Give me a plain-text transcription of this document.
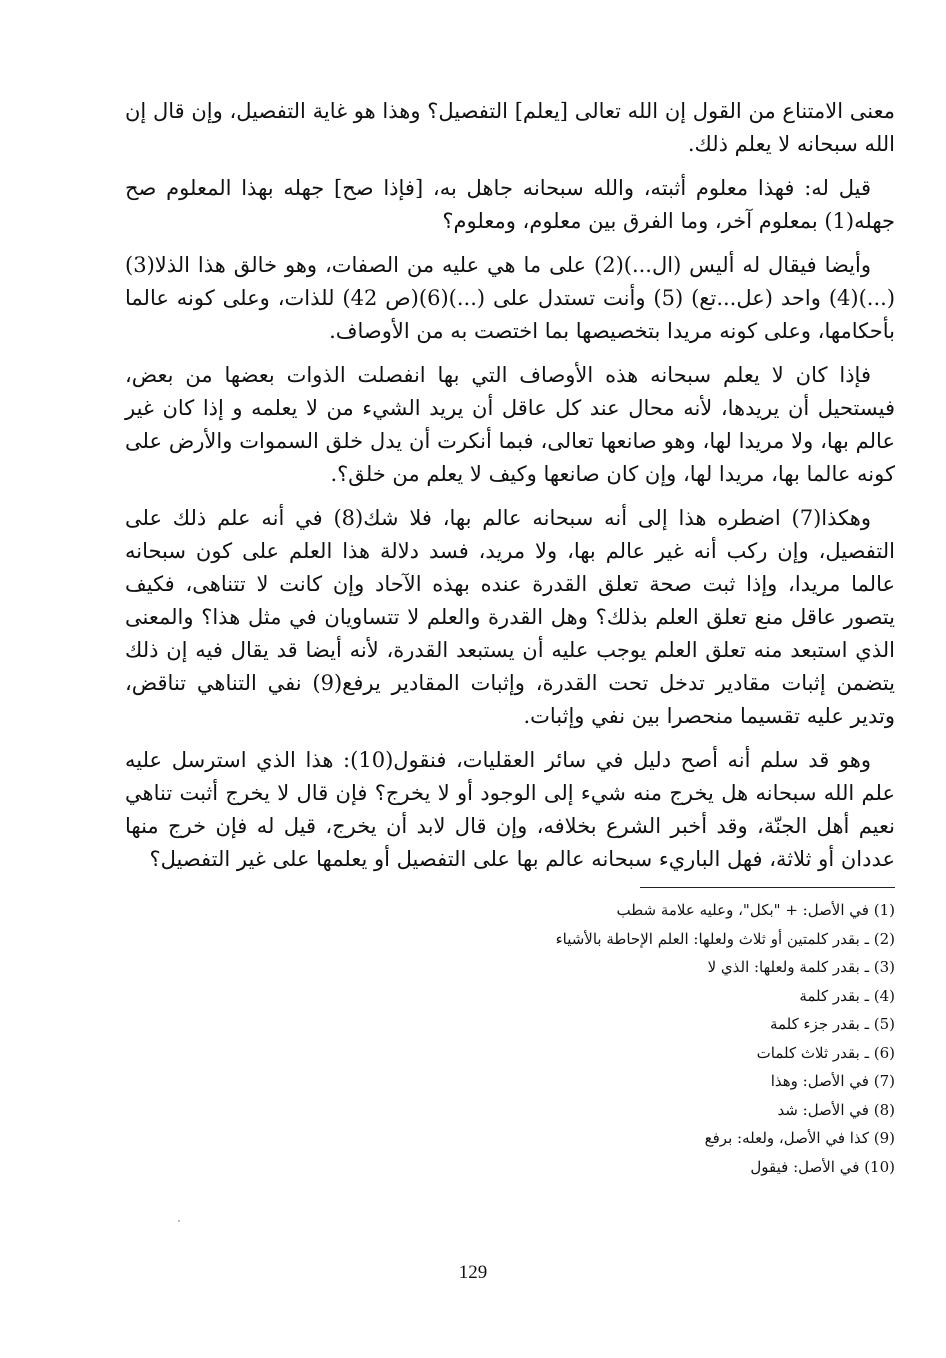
معنى الامتناع من القول إن الله تعالى [يعلم] التفصيل؟ وهذا هو غاية التفصيل، وإن قال إن الله سبحانه لا يعلم ذلك.

قيل له: فهذا معلوم أثبته، والله سبحانه جاهل به، [فإذا صح] جهله بهذا المعلوم صح جهله(1) بمعلوم آخر، وما الفرق بين معلوم، ومعلوم؟

وأيضا فيقال له أليس (ال...)(2) على ما هي عليه من الصفات، وهو خالق هذا الذلا(3) (...)(4) واحد (عل...تع) (5) وأنت تستدل على (...)(6)(ص 42) للذات، وعلى كونه عالما بأحكامها، وعلى كونه مريدا بتخصيصها بما اختصت به من الأوصاف.

فإذا كان لا يعلم سبحانه هذه الأوصاف التي بها انفصلت الذوات بعضها من بعض، فيستحيل أن يريدها، لأنه محال عند كل عاقل أن يريد الشيء من لا يعلمه و إذا كان غير عالم بها، ولا مريدا لها، وهو صانعها تعالى، فبما أنكرت أن يدل خلق السموات والأرض على كونه عالما بها، مريدا لها، وإن كان صانعها وكيف لا يعلم من خلق؟.

وهكذا(7) اضطره هذا إلى أنه سبحانه عالم بها، فلا شك(8) في أنه علم ذلك على التفصيل، وإن ركب أنه غير عالم بها، ولا مريد، فسد دلالة هذا العلم على كون سبحانه عالما مريدا، وإذا ثبت صحة تعلق القدرة عنده بهذه الآحاد وإن كانت لا تتناهى، فكيف يتصور عاقل منع تعلق العلم بذلك؟ وهل القدرة والعلم لا تتساويان في مثل هذا؟ والمعنى الذي استبعد منه تعلق العلم يوجب عليه أن يستبعد القدرة، لأنه أيضا قد يقال فيه إن ذلك يتضمن إثبات مقادير تدخل تحت القدرة، وإثبات المقادير يرفع(9) نفي التناهي تناقض، وتدير عليه تقسيما منحصرا بين نفي وإثبات.

وهو قد سلم أنه أصح دليل في سائر العقليات، فنقول(10): هذا الذي استرسل عليه علم الله سبحانه هل يخرج منه شيء إلى الوجود أو لا يخرج؟ فإن قال لا يخرج أثبت تناهي نعيم أهل الجنّة، وقد أخبر الشرع بخلافه، وإن قال لابد أن يخرج، قيل له فإن خرج منها عددان أو ثلاثة، فهل الباريء سبحانه عالم بها على التفصيل أو يعلمها على غير التفصيل؟

(1) في الأصل: + "بكل"، وعليه علامة شطب
(2) ـ بقدر كلمتين أو ثلاث ولعلها: العلم الإحاطة بالأشياء
(3) ـ بقدر كلمة ولعلها: الذي لا
(4) ـ بقدر كلمة
(5) ـ بقدر جزء كلمة
(6) ـ بقدر ثلاث كلمات
(7) في الأصل: وهذا
(8) في الأصل: شد
(9) كذا في الأصل، ولعله: برفع
(10) في الأصل: فيقول
129
